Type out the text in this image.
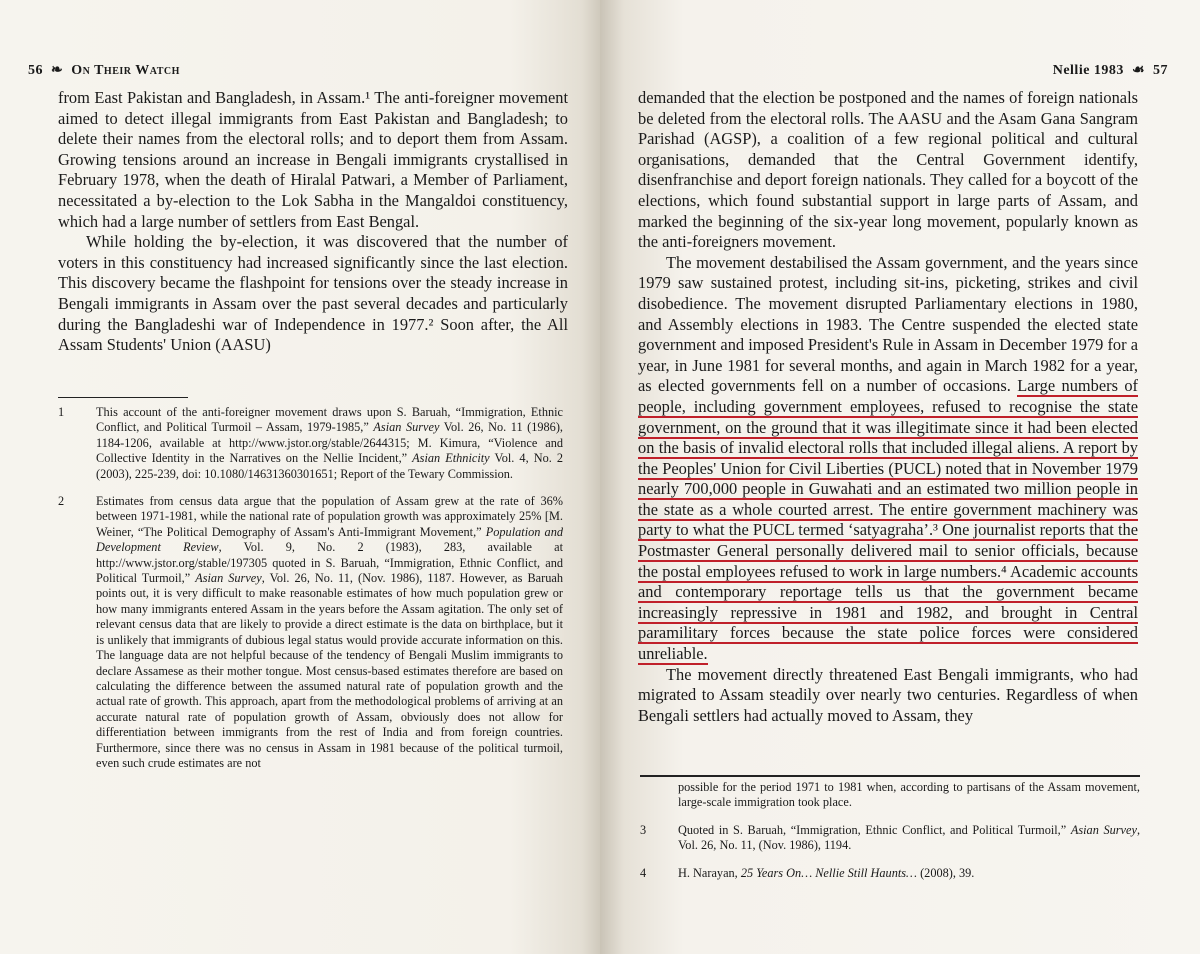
56 ❧ On Their Watch

from East Pakistan and Bangladesh, in Assam.¹ The anti-foreigner movement aimed to detect illegal immigrants from East Pakistan and Bangladesh; to delete their names from the electoral rolls; and to deport them from Assam. Growing tensions around an increase in Bengali immigrants crystallised in February 1978, when the death of Hiralal Patwari, a Member of Parliament, necessitated a by-election to the Lok Sabha in the Mangaldoi constituency, which had a large number of settlers from East Bengal.

While holding the by-election, it was discovered that the number of voters in this constituency had increased significantly since the last election. This discovery became the flashpoint for tensions over the steady increase in Bengali immigrants in Assam over the past several decades and particularly during the Bangladeshi war of Independence in 1977.² Soon after, the All Assam Students' Union (AASU)

1	This account of the anti-foreigner movement draws upon S. Baruah, “Immigration, Ethnic Conflict, and Political Turmoil – Assam, 1979-1985,” Asian Survey Vol. 26, No. 11 (1986), 1184-1206, available at http://www.jstor.org/stable/2644315; M. Kimura, “Violence and Collective Identity in the Narratives on the Nellie Incident,” Asian Ethnicity Vol. 4, No. 2 (2003), 225-239, doi: 10.1080/14631360301651; Report of the Tewary Commission.
2	Estimates from census data argue that the population of Assam grew at the rate of 36% between 1971-1981, while the national rate of population growth was approximately 25% [M. Weiner, “The Political Demography of Assam's Anti-Immigrant Movement,” Population and Development Review, Vol. 9, No. 2 (1983), 283, available at http://www.jstor.org/stable/197305 quoted in S. Baruah, “Immigration, Ethnic Conflict, and Political Turmoil,” Asian Survey, Vol. 26, No. 11, (Nov. 1986), 1187. However, as Baruah points out, it is very difficult to make reasonable estimates of how much population grew or how many immigrants entered Assam in the years before the Assam agitation. The only set of relevant census data that are likely to provide a direct estimate is the data on birthplace, but it is unlikely that immigrants of dubious legal status would provide accurate information on this. The language data are not helpful because of the tendency of Bengali Muslim immigrants to declare Assamese as their mother tongue. Most census-based estimates therefore are based on calculating the difference between the assumed natural rate of population growth and the actual rate of growth. This approach, apart from the methodological problems of arriving at an accurate natural rate of population growth of Assam, obviously does not allow for differentiation between immigrants from the rest of India and from foreign countries. Furthermore, since there was no census in Assam in 1981 because of the political turmoil, even such crude estimates are not
Nellie 1983 ☙ 57

demanded that the election be postponed and the names of foreign nationals be deleted from the electoral rolls. The AASU and the Asam Gana Sangram Parishad (AGSP), a coalition of a few regional political and cultural organisations, demanded that the Central Government identify, disenfranchise and deport foreign nationals. They called for a boycott of the elections, which found substantial support in large parts of Assam, and marked the beginning of the six-year long movement, popularly known as the anti-foreigners movement.

The movement destabilised the Assam government, and the years since 1979 saw sustained protest, including sit-ins, picketing, strikes and civil disobedience. The movement disrupted Parliamentary elections in 1980, and Assembly elections in 1983. The Centre suspended the elected state government and imposed President's Rule in Assam in December 1979 for a year, in June 1981 for several months, and again in March 1982 for a year, as elected governments fell on a number of occasions. Large numbers of people, including government employees, refused to recognise the state government, on the ground that it was illegitimate since it had been elected on the basis of invalid electoral rolls that included illegal aliens. A report by the Peoples' Union for Civil Liberties (PUCL) noted that in November 1979 nearly 700,000 people in Guwahati and an estimated two million people in the state as a whole courted arrest. The entire government machinery was party to what the PUCL termed ‘satyagraha’.³ One journalist reports that the Postmaster General personally delivered mail to senior officials, because the postal employees refused to work in large numbers.⁴ Academic accounts and contemporary reportage tells us that the government became increasingly repressive in 1981 and 1982, and brought in Central paramilitary forces because the state police forces were considered unreliable.

The movement directly threatened East Bengali immigrants, who had migrated to Assam steadily over nearly two centuries. Regardless of when Bengali settlers had actually moved to Assam, they

possible for the period 1971 to 1981 when, according to partisans of the Assam movement, large-scale immigration took place.
3	Quoted in S. Baruah, “Immigration, Ethnic Conflict, and Political Turmoil,” Asian Survey, Vol. 26, No. 11, (Nov. 1986), 1194.
4	H. Narayan, 25 Years On… Nellie Still Haunts… (2008), 39.
